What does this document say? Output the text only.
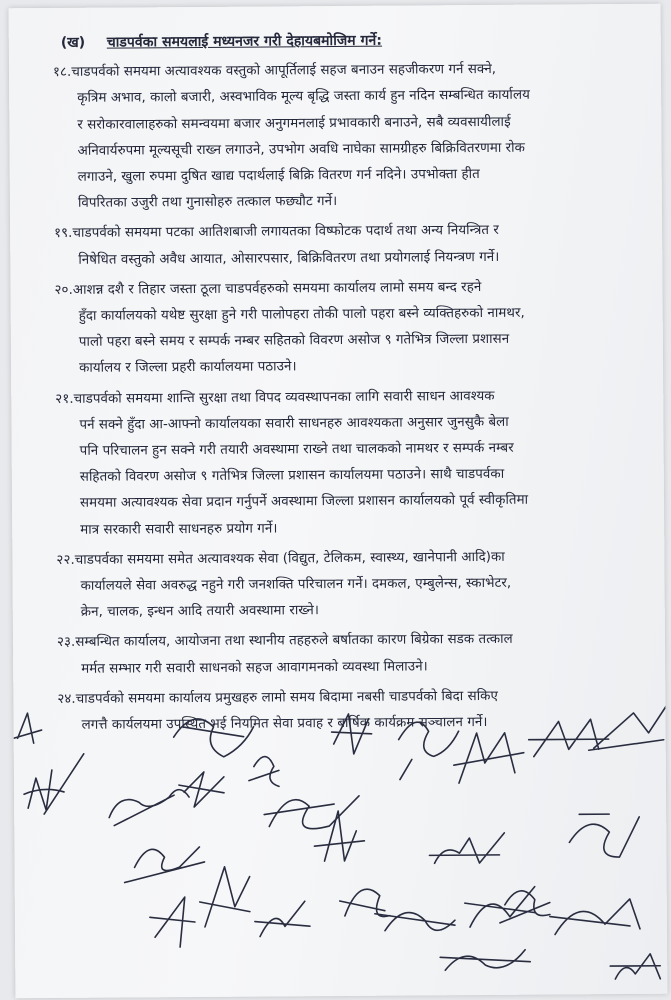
(ख) चाडपर्वका समयलाई मध्यनजर गरी देहायबमोजिम गर्ने:
१८.चाडपर्वको समयमा अत्यावश्यक वस्तुको आपूर्तिलाई सहज बनाउन सहजीकरण गर्न सक्ने,
कृत्रिम अभाव, कालो बजारी, अस्वभाविक मूल्य बृद्धि जस्ता कार्य हुन नदिन सम्बन्धित कार्यालय
र सरोकारवालाहरुको समन्वयमा बजार अनुगमनलाई प्रभावकारी बनाउने, सबै व्यवसायीलाई
अनिवार्यरुपमा मूल्यसूची राख्न लगाउने, उपभोग अवधि नाघेका सामग्रीहरु बिक्रिवितरणमा रोक
लगाउने, खुला रुपमा दुषित खाद्य पदार्थलाई बिक्रि वितरण गर्न नदिने। उपभोक्ता हीत
विपरितका उजुरी तथा गुनासोहरु तत्काल फछ्यौट गर्ने।
१९.चाडपर्वको समयमा पटका आतिशबाजी लगायतका विष्फोटक पदार्थ तथा अन्य नियन्त्रित र
निषेधित वस्तुको अवैध आयात, ओसारपसार, बिक्रिवितरण तथा प्रयोगलाई नियन्त्रण गर्ने।
२०.आशन्न दशै र तिहार जस्ता ठूला चाडपर्वहरुको समयमा कार्यालय लामो समय बन्द रहने
हुँदा कार्यालयको यथेष्ट सुरक्षा हुने गरी पालोपहरा तोकी पालो पहरा बस्ने व्यक्तिहरुको नामथर,
पालो पहरा बस्ने समय र सम्पर्क नम्बर सहितको विवरण असोज ९ गतेभित्र जिल्ला प्रशासन
कार्यालय र जिल्ला प्रहरी कार्यालयमा पठाउने।
२१.चाडपर्वको समयमा शान्ति सुरक्षा तथा विपद व्यवस्थापनका लागि सवारी साधन आवश्यक
पर्न सक्ने हुँदा आ-आफ्नो कार्यालयका सवारी साधनहरु आवश्यकता अनुसार जुनसुकै बेला
पनि परिचालन हुन सक्ने गरी तयारी अवस्थामा राख्ने तथा चालकको नामथर र सम्पर्क नम्बर
सहितको विवरण असोज ९ गतेभित्र जिल्ला प्रशासन कार्यालयमा पठाउने। साथै चाडपर्वका
समयमा अत्यावश्यक सेवा प्रदान गर्नुपर्ने अवस्थामा जिल्ला प्रशासन कार्यालयको पूर्व स्वीकृतिमा
मात्र सरकारी सवारी साधनहरु प्रयोग गर्ने।
२२.चाडपर्वका समयमा समेत अत्यावश्यक सेवा (विद्युत, टेलिकम, स्वास्थ्य, खानेपानी आदि)का
कार्यालयले सेवा अवरुद्ध नहुने गरी जनशक्ति परिचालन गर्ने। दमकल, एम्बुलेन्स, स्काभेटर,
क्रेन, चालक, इन्धन आदि तयारी अवस्थामा राख्ने।
२३.सम्बन्धित कार्यालय, आयोजना तथा स्थानीय तहहरुले बर्षातका कारण बिग्रेका सडक तत्काल
मर्मत सम्भार गरी सवारी साधनको सहज आवागमनको व्यवस्था मिलाउने।
२४.चाडपर्वको समयमा कार्यालय प्रमुखहरु लामो समय बिदामा नबसी चाडपर्वको बिदा सकिए
लगत्तै कार्यलयमा उपस्थित भई नियमित सेवा प्रवाह र बार्षिक कार्यक्रम सञ्चालन गर्ने।
